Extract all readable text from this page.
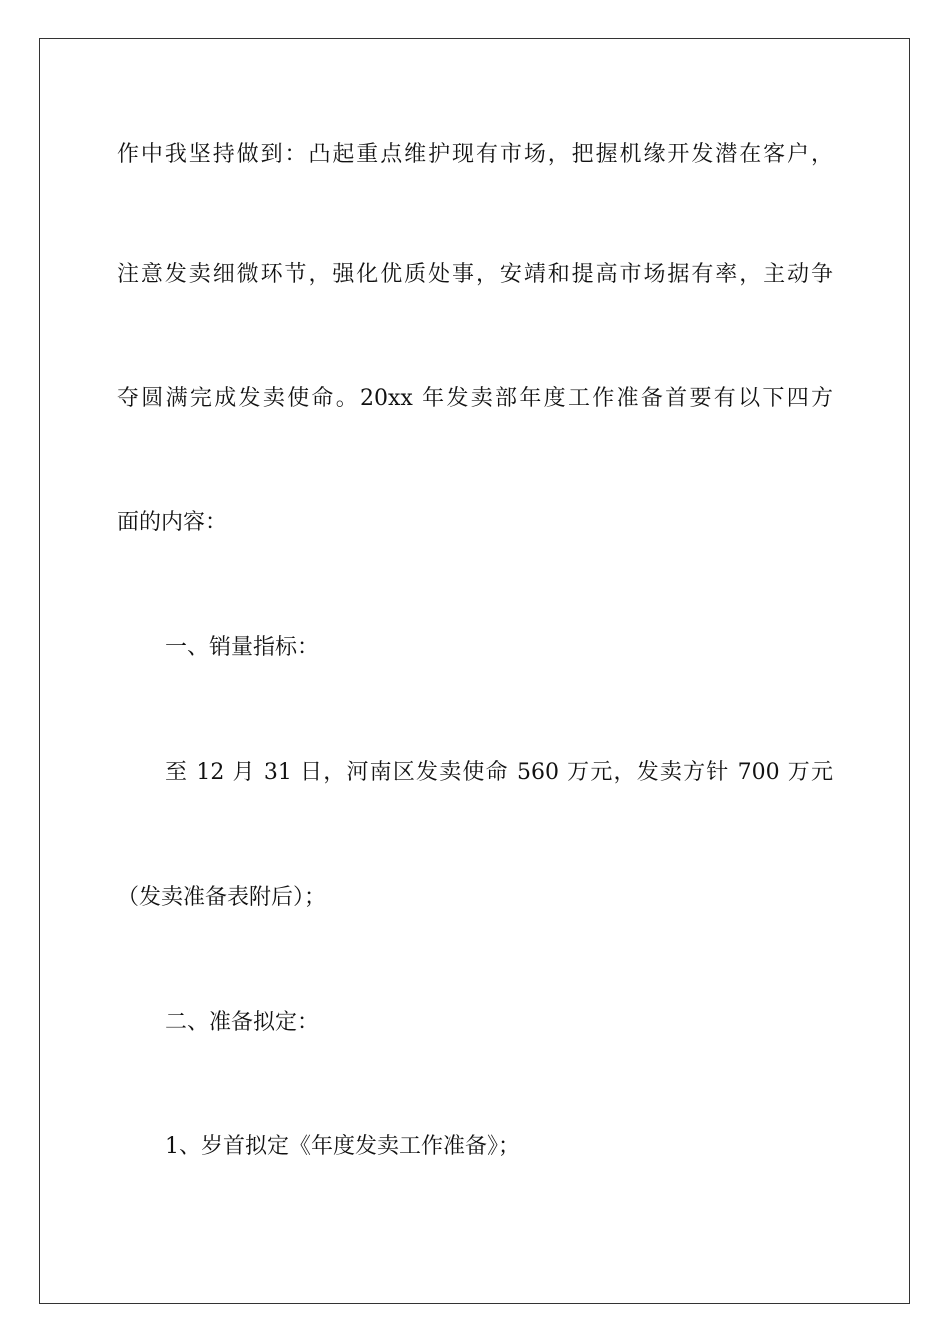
作中我坚持做到：凸起重点维护现有市场，把握机缘开发潜在客户，
注意发卖细微环节，强化优质处事，安靖和提高市场据有率，主动争
夺圆满完成发卖使命。20xx 年发卖部年度工作准备首要有以下四方
面的内容：
一、销量指标：
至 12 月 31 日，河南区发卖使命 560 万元，发卖方针 700 万元
（发卖准备表附后）；
二、准备拟定：
1、岁首拟定《年度发卖工作准备》；
